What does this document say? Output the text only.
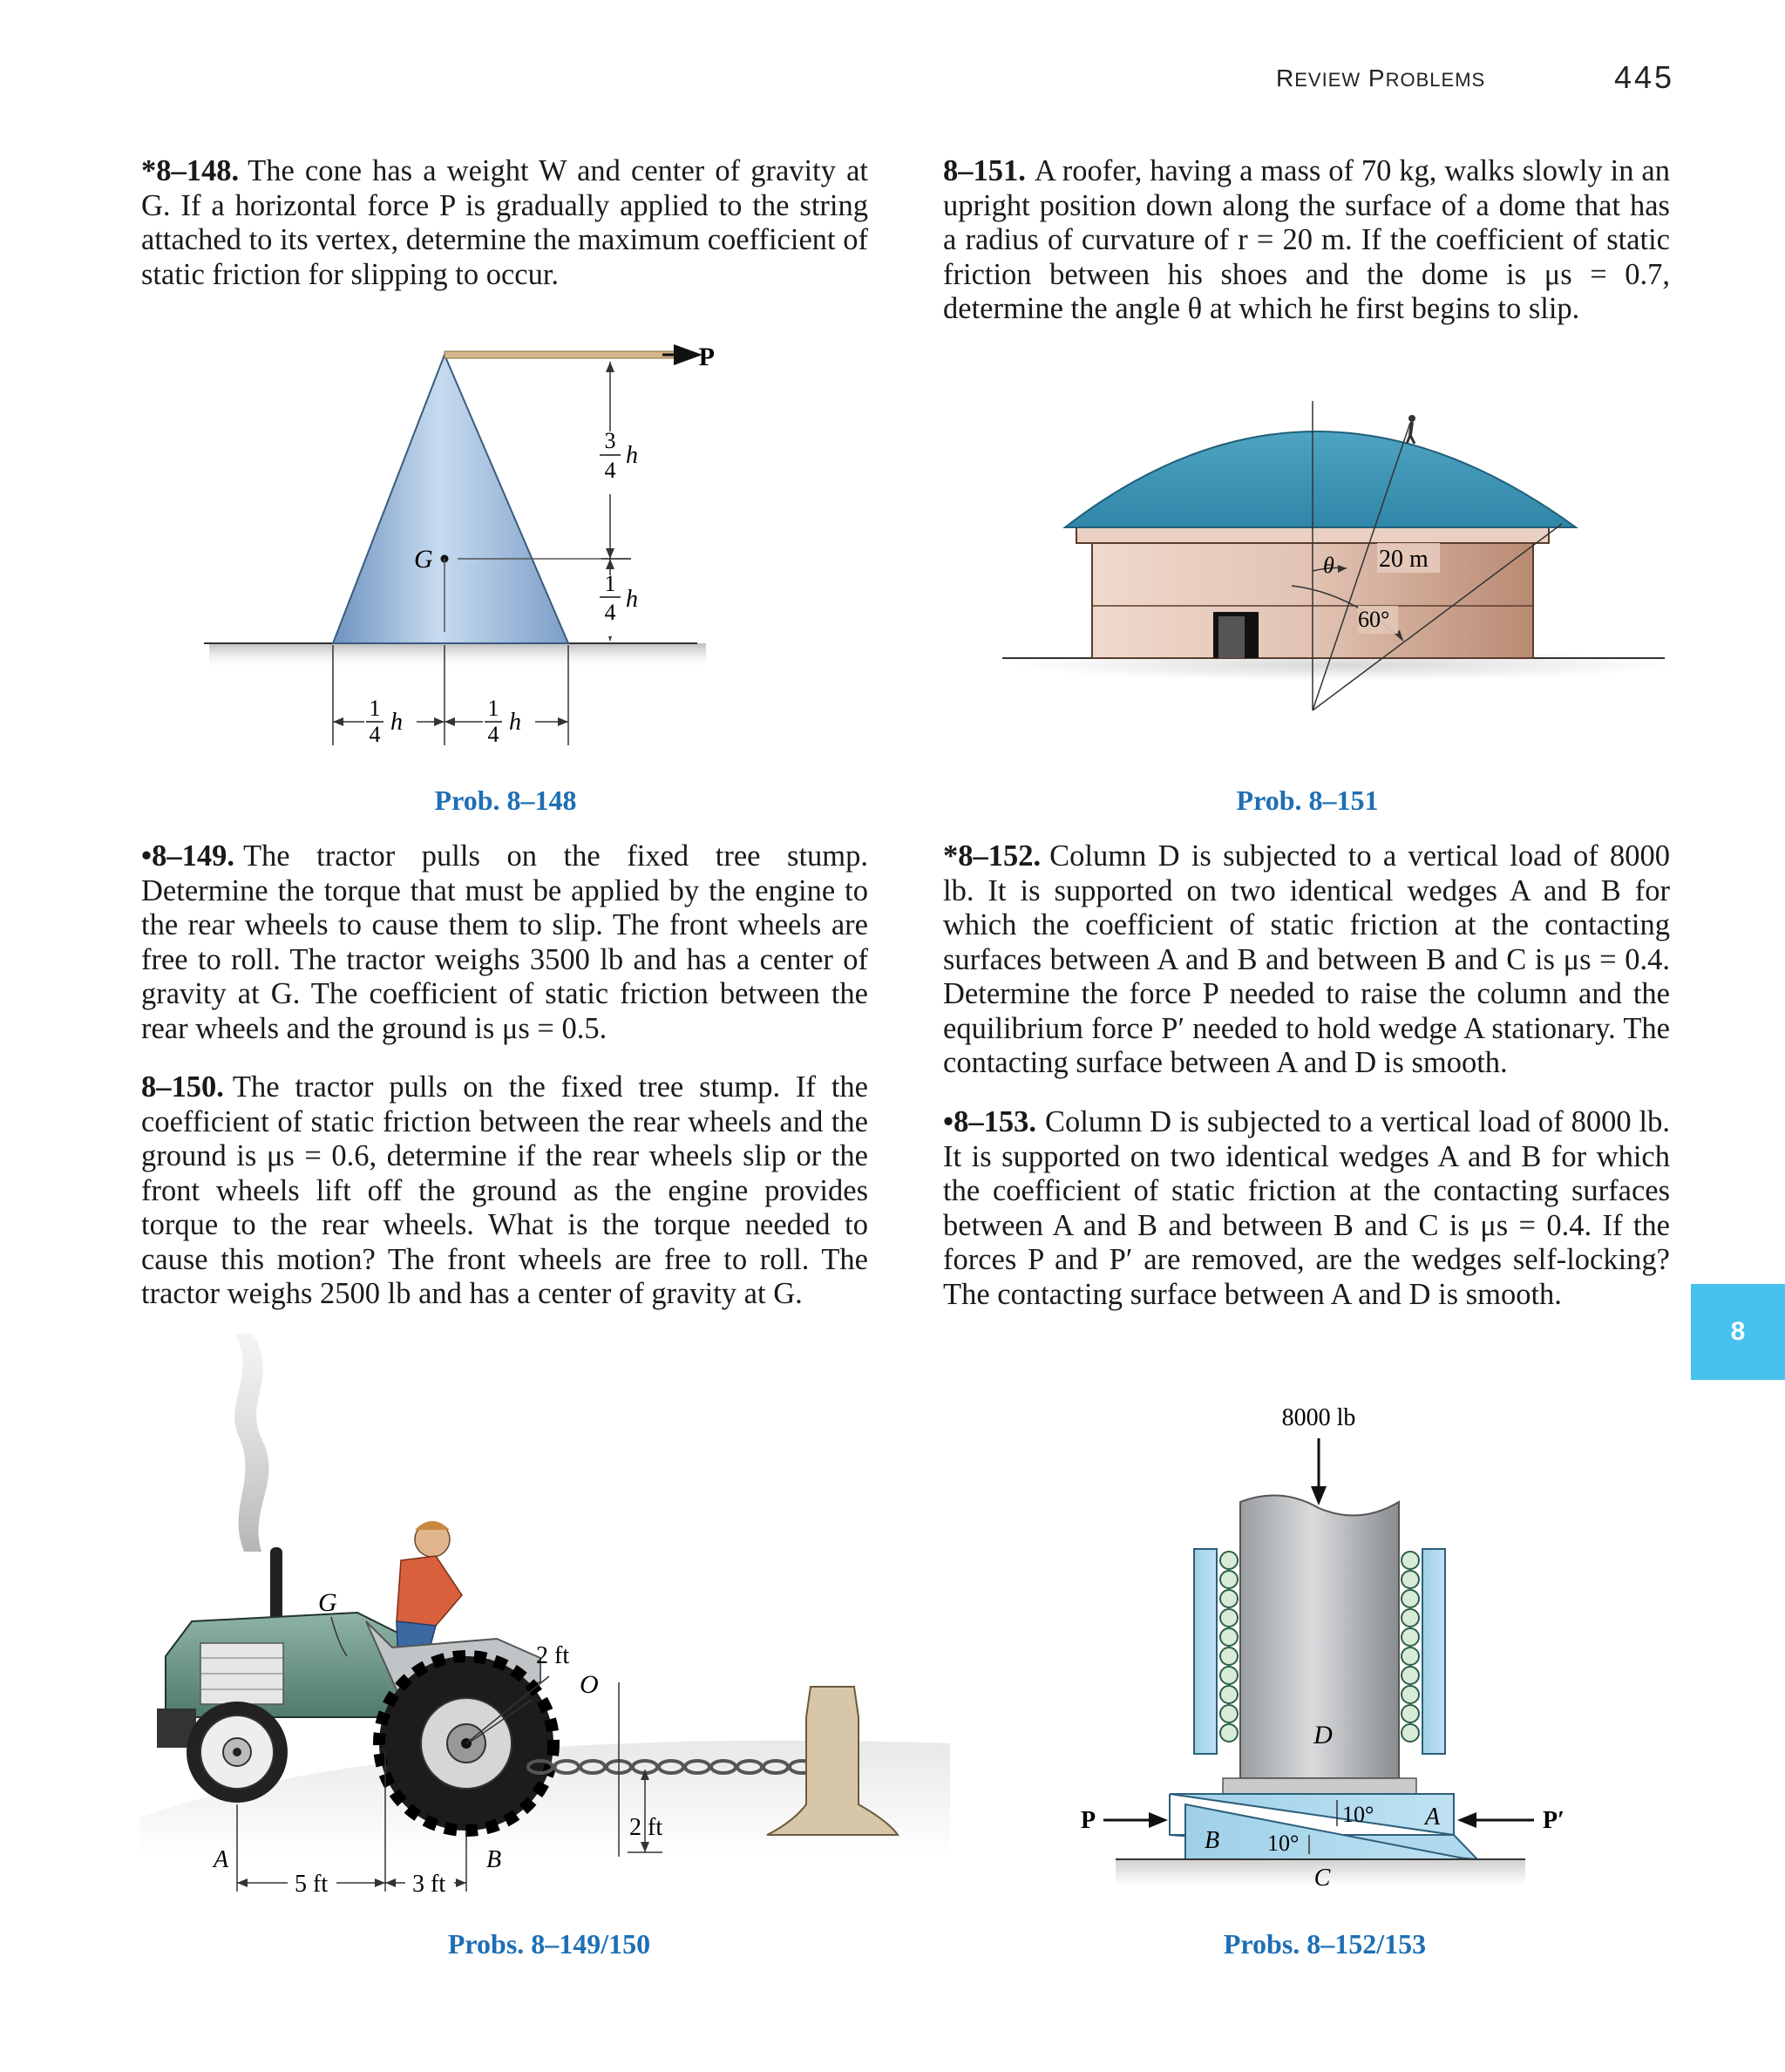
REVIEW PROBLEMS	445
8

*8–148. The cone has a weight W and center of gravity at G. If a horizontal force P is gradually applied to the string attached to its vertex, determine the maximum coefficient of static friction for slipping to occur.

8–151. A roofer, having a mass of 70 kg, walks slowly in an upright position down along the surface of a dome that has a radius of curvature of r = 20 m. If the coefficient of static friction between his shoes and the dome is μs = 0.7, determine the angle θ at which he first begins to slip.

P
G
3
4
h
1
4 h
1
4 h
1
4 h
θ 20 m
60°
Prob. 8–148	Prob. 8–151

•8–149. The tractor pulls on the fixed tree stump. Determine the torque that must be applied by the engine to the rear wheels to cause them to slip. The front wheels are free to roll. The tractor weighs 3500 lb and has a center of gravity at G. The coefficient of static friction between the rear wheels and the ground is μs = 0.5.

8–150. The tractor pulls on the fixed tree stump. If the coefficient of static friction between the rear wheels and the ground is μs = 0.6, determine if the rear wheels slip or the front wheels lift off the ground as the engine provides torque to the rear wheels. What is the torque needed to cause this motion? The front wheels are free to roll. The tractor weighs 2500 lb and has a center of gravity at G.

*8–152. Column D is subjected to a vertical load of 8000 lb. It is supported on two identical wedges A and B for which the coefficient of static friction at the contacting surfaces between A and B and between B and C is μs = 0.4. Determine the force P needed to raise the column and the equilibrium force P′ needed to hold wedge A stationary. The contacting surface between A and D is smooth.

•8–153. Column D is subjected to a vertical load of 8000 lb. It is supported on two identical wedges A and B for which the coefficient of static friction at the contacting surfaces between A and B and between B and C is μs = 0.4. If the forces P and P′ are removed, are the wedges self-locking? The contacting surface between A and D is smooth.

2 ft
2 ft
O
G
5 ft	3 ft
A	B
8000 lb
D
B
A
C
10°
10°
P	P′
Probs. 8–149/150	Probs. 8–152/153
